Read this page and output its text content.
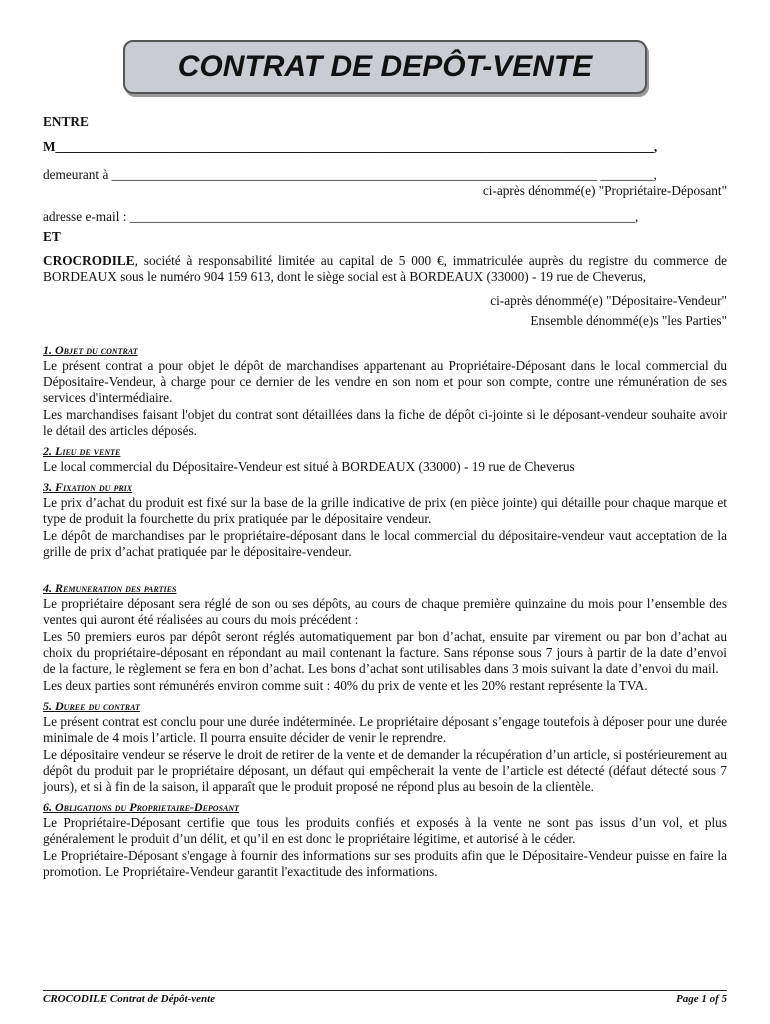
CONTRAT DE DEPÔT-VENTE

ENTRE

M__________________________________________________________________________________________,

demeurant à _________________________________________________________________________ ________,

ci-après dénommé(e) "Propriétaire-Déposant"

adresse e-mail : ____________________________________________________________________________,

ET

CROCRODILE, société à responsabilité limitée au capital de 5 000 €, immatriculée auprès du registre du commerce de BORDEAUX sous le numéro 904 159 613, dont le siège social est à BORDEAUX (33000) - 19 rue de Cheverus,

ci-après dénommé(e) "Dépositaire-Vendeur"

Ensemble dénommé(e)s "les Parties"

1. Objet du contrat

Le présent contrat a pour objet le dépôt de marchandises appartenant au Propriétaire-Déposant dans le local commercial du Dépositaire-Vendeur, à charge pour ce dernier de les vendre en son nom et pour son compte, contre une rémunération de ses services d'intermédiaire.

Les marchandises faisant l'objet du contrat sont détaillées dans la fiche de dépôt ci-jointe si le déposant-vendeur souhaite avoir le détail des articles déposés.

2. Lieu de vente

Le local commercial du Dépositaire-Vendeur est situé à BORDEAUX (33000) - 19 rue de Cheverus

3. Fixation du prix

Le prix d’achat du produit est fixé sur la base de la grille indicative de prix (en pièce jointe) qui détaille pour chaque marque et type de produit la fourchette du prix pratiquée par le dépositaire vendeur.

Le dépôt de marchandises par le propriétaire-déposant dans le local commercial du dépositaire-vendeur vaut acceptation de la grille de prix d’achat pratiquée par le dépositaire-vendeur.

4. Remuneration des parties

Le propriétaire déposant sera réglé de son ou ses dépôts, au cours de chaque première quinzaine du mois pour l’ensemble des ventes qui auront été réalisées au cours du mois précédent :

Les 50 premiers euros par dépôt seront réglés automatiquement par bon d’achat, ensuite par virement ou par bon d’achat au choix du propriétaire-déposant en répondant au mail contenant la facture. Sans réponse sous 7 jours à partir de la date d’envoi de la facture, le règlement se fera en bon d’achat. Les bons d’achat sont utilisables dans 3 mois suivant la date d’envoi du mail.

Les deux parties sont rémunérés environ comme suit : 40% du prix de vente et les 20% restant représente la TVA.

5. Duree du contrat

Le présent contrat est conclu pour une durée indéterminée. Le propriétaire déposant s’engage toutefois à déposer pour une durée minimale de 4 mois l’article. Il pourra ensuite décider de venir le reprendre.

Le dépositaire vendeur se réserve le droit de retirer de la vente et de demander la récupération d’un article, si postérieurement au dépôt du produit par le propriétaire déposant, un défaut qui empêcherait la vente de l’article est détecté (défaut détecté sous 7 jours), et si à fin de la saison, il apparaît que le produit proposé ne répond plus au besoin de la clientèle.

6. Obligations du Proprietaire-Deposant

Le Propriétaire-Déposant certifie que tous les produits confiés et exposés à la vente ne sont pas issus d’un vol, et plus généralement le produit d’un délit, et qu’il en est donc le propriétaire légitime, et autorisé à le céder.

Le Propriétaire-Déposant s'engage à fournir des informations sur ses produits afin que le Dépositaire-Vendeur puisse en faire la promotion. Le Propriétaire-Vendeur garantit l'exactitude des informations.

CROCODILE Contrat de Dépôt-vente	Page 1 of 5
